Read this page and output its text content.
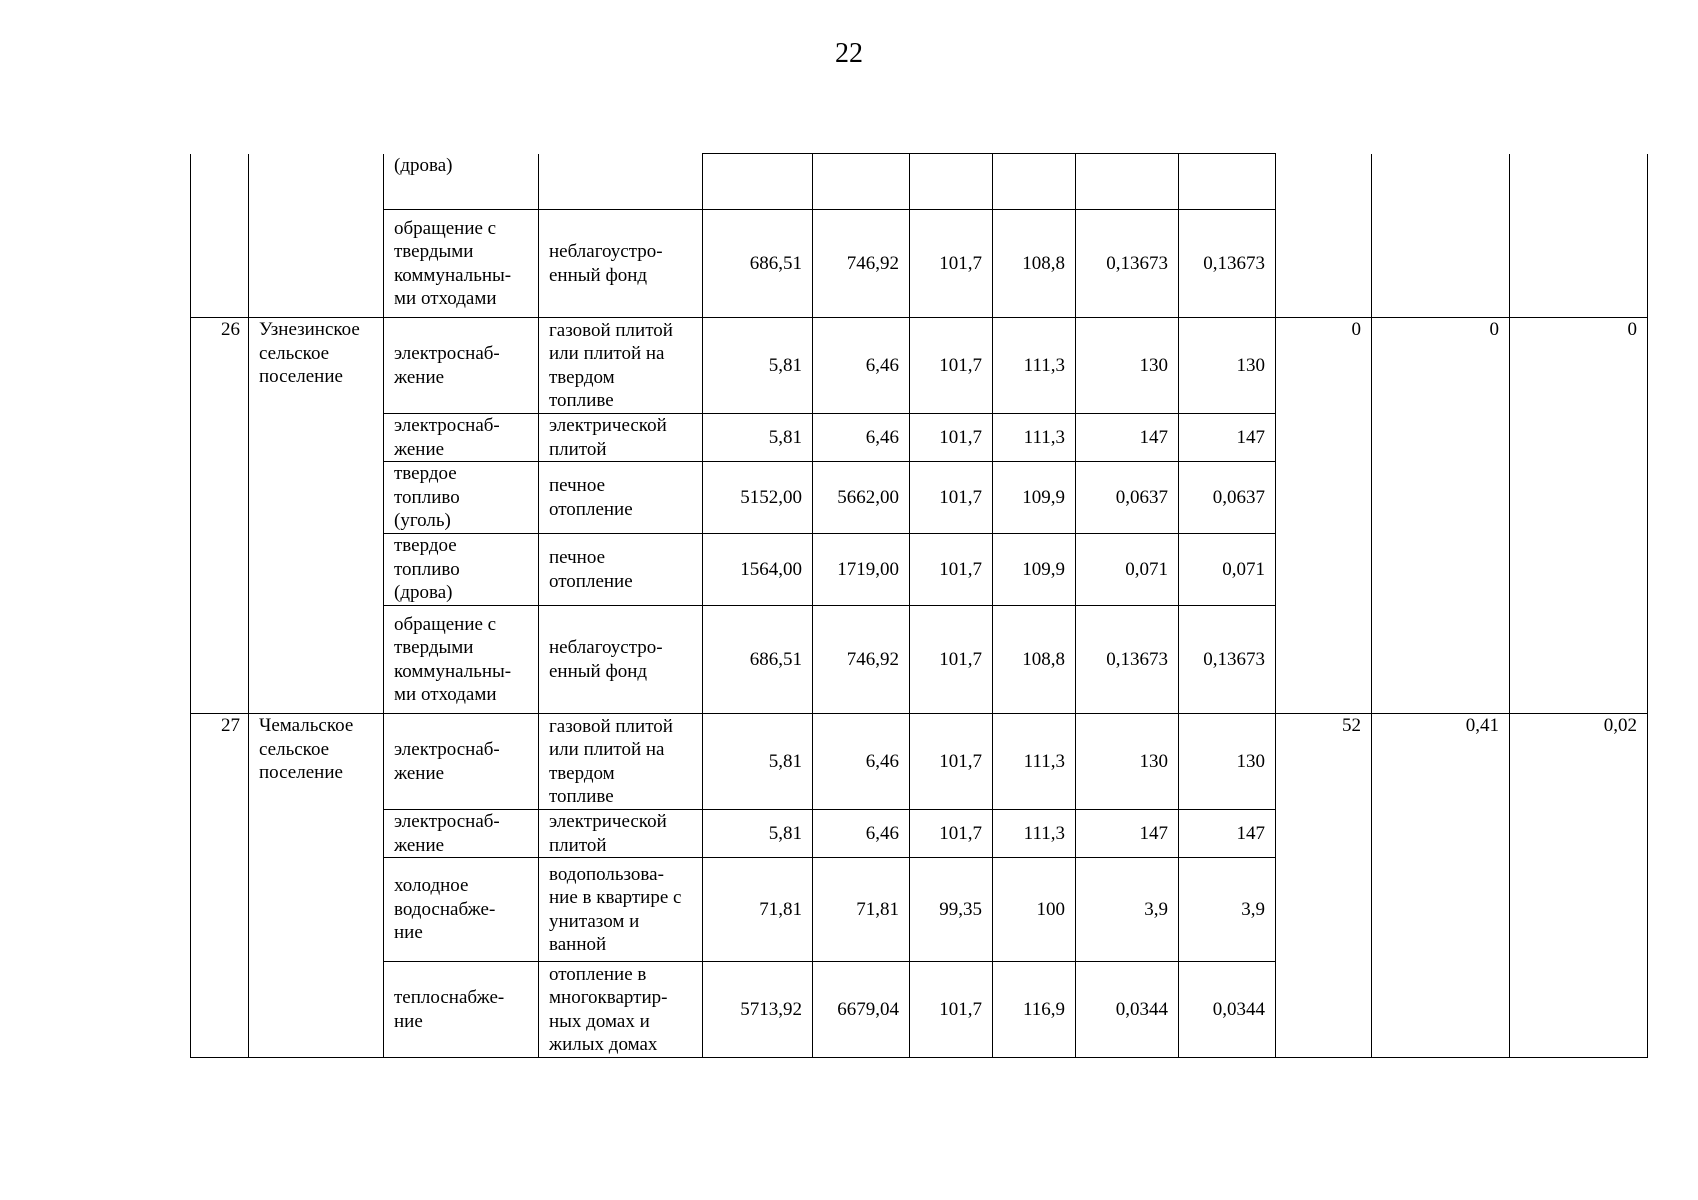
22

		(дрова)										

		обращение с
твердыми
коммунальны-
ми отходами	неблагоустро-
енный фонд	686,51	746,92	101,7	108,8	0,13673	0,13673			
26	Узнезинское
сельское
поселение	электроснаб-
жение	газовой плитой
или плитой на
твердом
топливе	5,81	6,46	101,7	111,3	130	130	0	0	0

		электроснаб-
жение	электрической
плитой	5,81	6,46	101,7	111,3	147	147			

		твердое
топливо
(уголь)	печное
отопление	5152,00	5662,00	101,7	109,9	0,0637	0,0637			

		твердое
топливо
(дрова)	печное
отопление	1564,00	1719,00	101,7	109,9	0,071	0,071			

		обращение с
твердыми
коммунальны-
ми отходами	неблагоустро-
енный фонд	686,51	746,92	101,7	108,8	0,13673	0,13673			
27	Чемальское
сельское
поселение	электроснаб-
жение	газовой плитой
или плитой на
твердом
топливе	5,81	6,46	101,7	111,3	130	130	52	0,41	0,02

		электроснаб-
жение	электрической
плитой	5,81	6,46	101,7	111,3	147	147			

		холодное
водоснабже-
ние	водопользова-
ние в квартире с
унитазом и
ванной	71,81	71,81	99,35	100	3,9	3,9			

		теплоснабже-
ние	отопление в
многоквартир-
ных домах и
жилых домах	5713,92	6679,04	101,7	116,9	0,0344	0,0344			
